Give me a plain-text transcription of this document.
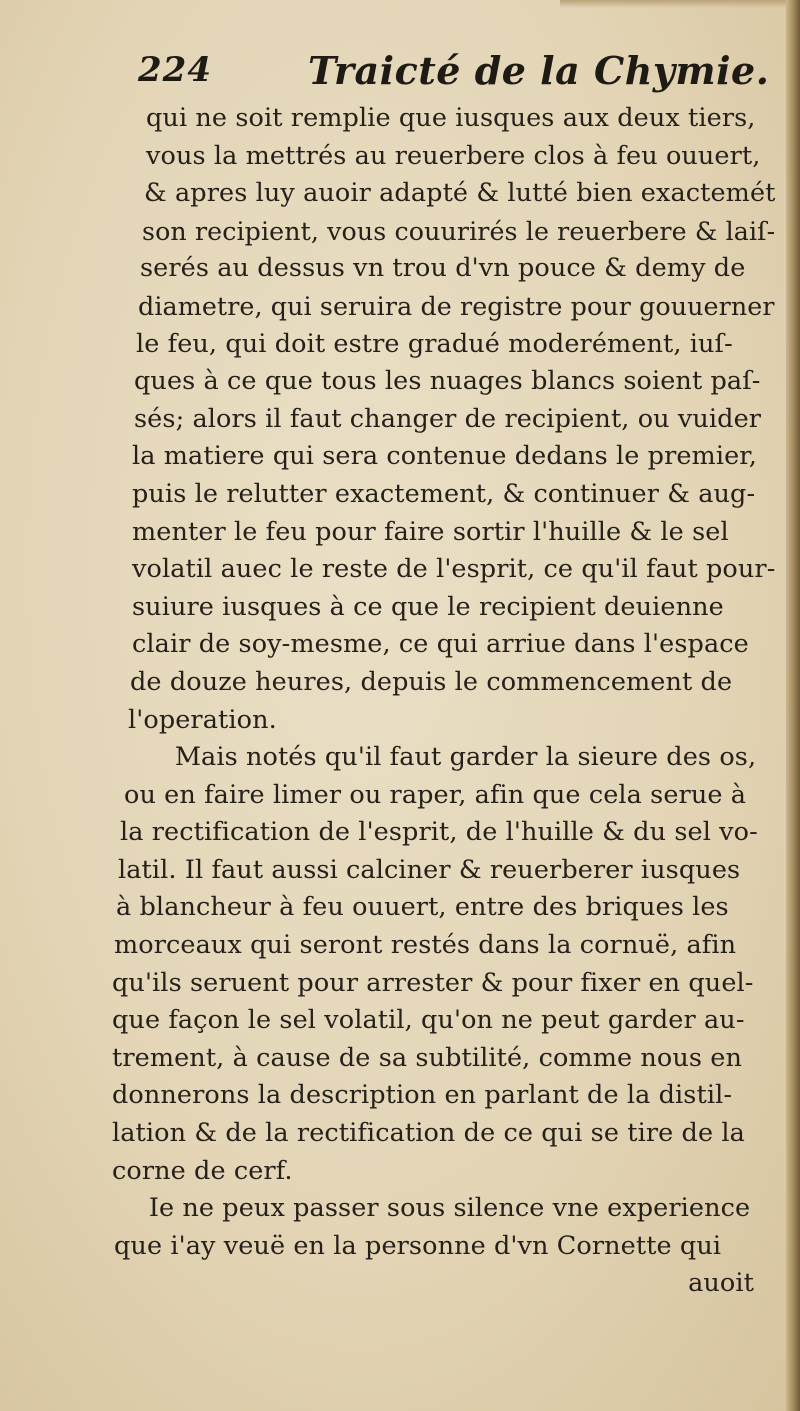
224	Traicté de la Chymie.
qui ne soit remplie que iusques aux deux tiers,
vous la mettrés au reuerbere clos à feu ouuert,
& apres luy auoir adapté & lutté bien exactemét
son recipient, vous couurirés le reuerbere & laiſ-
serés au dessus vn trou d'vn pouce & demy de
diametre, qui seruira de registre pour gouuerner
le feu, qui doit estre gradué moderément, iuſ-
ques à ce que tous les nuages blancs soient paſ-
sés; alors il faut changer de recipient, ou vuider
la matiere qui sera contenue dedans le premier,
puis le relutter exactement, & continuer & aug-
menter le feu pour faire sortir l'huille & le sel
volatil auec le reste de l'esprit, ce qu'il faut pour-
suiure iusques à ce que le recipient deuienne
clair de soy-mesme, ce qui arriue dans l'espace
de douze heures, depuis le commencement de
l'operation.
Mais notés qu'il faut garder la sieure des os,
ou en faire limer ou raper, afin que cela serue à
la rectification de l'esprit, de l'huille & du sel vo-
latil. Il faut aussi calciner & reuerberer iusques
à blancheur à feu ouuert, entre des briques les
morceaux qui seront restés dans la cornuë, afin
qu'ils seruent pour arrester & pour fixer en quel-
que façon le sel volatil, qu'on ne peut garder au-
trement, à cause de sa subtilité, comme nous en
donnerons la description en parlant de la distil-
lation & de la rectification de ce qui se tire de la
corne de cerf.
Ie ne peux passer sous silence vne experience
que i'ay veuë en la personne d'vn Cornette qui
auoit
